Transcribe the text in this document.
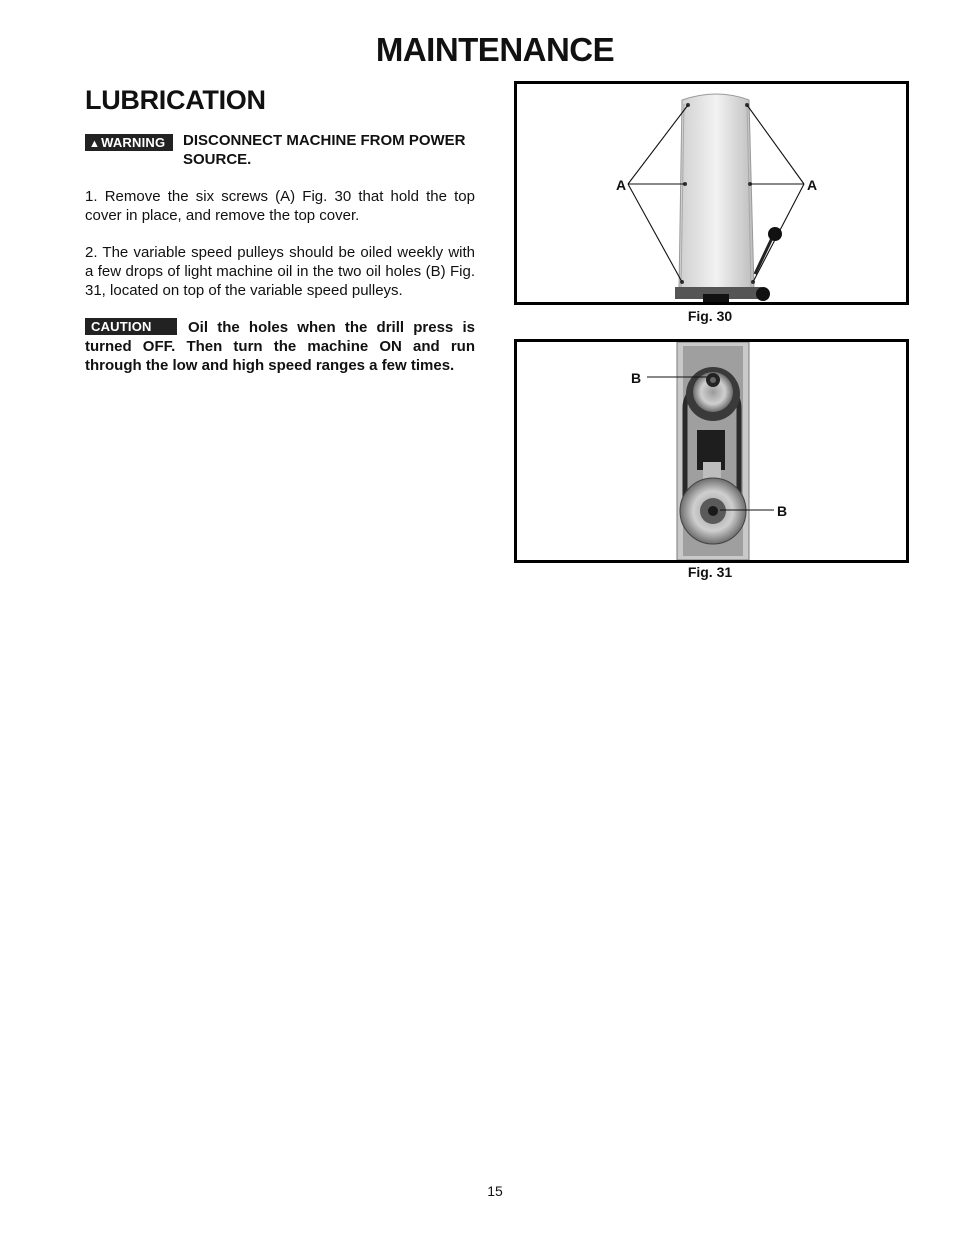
MAINTENANCE
LUBRICATION
▲WARNING	DISCONNECT MACHINE FROM POWER SOURCE.
1. Remove the six screws (A) Fig. 30 that hold the top cover in place, and remove the top cover.
2. The variable speed pulleys should be oiled weekly with a few drops of light machine oil in the two oil holes (B) Fig. 31, located on top of the variable speed pulleys.
CAUTION	Oil the holes when the drill press is turned OFF. Then turn the machine ON and run through the low and high speed ranges a few times.
A	A
Fig. 30
B
B
Fig. 31
15
